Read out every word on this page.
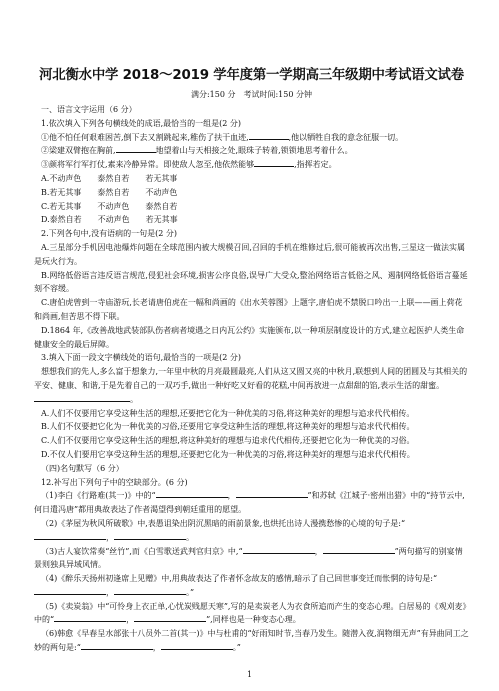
河北衡水中学 2018～2019 学年度第一学期高三年级期中考试语文试卷
满分:150 分　考试时间:150 分钟

一、语言文字运用（6 分）

1.依次填入下列各句横线处的成语,最恰当的一组是(2 分)

①他不怕任何艰难困苦,倒下去又割跳起来,稚伤了扶干血迹,	,他以牺牲自我的意念征服一切。

②梁建双臂抱在胸前,	地望着山与天相接之处,眼珠子转着,锁锁地思考着什么。

③颜将军行军打仗,素来冷静异常。即使敌人忽至,他依然能够	,指挥若定。

A.不动声色　　泰然自若　　若无其事

B.若无其事　　泰然自若　　不动声色

C.若无其事　　不动声色　　泰然自若

D.泰然自若　　不动声色　　若无其事

2.下列各句中,没有语病的一句是(2 分)

A.三星部分手机因电池爆炸问题在全球范围内被大规模召回,召回的手机在维修过后,很可能被再次出售,三星这一做法实属是玩火行为。

B.网络低俗语言违反语言规范,侵犯社会环境,损害公序良俗,误导广大受众,整治网络语言低俗之风、遏制网络低俗语言蔓延刻不容缓。

C.唐伯虎曾到一寺庙游玩,长老请唐伯虎在一幅和尚画的《出水芙蓉图》上题字,唐伯虎不禁脱口吟出一上联——画上荷花和尚画,但苦思不得下联。

D.1864 年,《改善战地武装部队伤者病者境遇之日内瓦公约》实施颁布,以一种项层制度设计的方式,建立起医护人类生命健康安全的最后屏障。

3.填入下面一段文字横线处的语句,最恰当的一项是(2 分)

想想我们的先人,多么富于想象力,一年里中秋的月亮最圆最亮,人们从这又圆又亮的中秋月,联想到人间的团圆及与其相关的平安、健康、和谐,于是先着自己的一双巧手,做出一种好吃又好看的花糕,中间再放进一点甜甜的馅,表示生活的甜蜜。。

A.人们不仅要用它享受这种生活的理想,还要把它化为一种优美的习俗,将这种美好的理想与追求代代相传。

B.人们不仅要把它化为一种优美的习俗,还要用它享受这种生活的理想,将这种美好的理想与追求代代相传。

C.人们不仅要用它享受这种生活的理想,将这种美好的理想与追求代代相传,还要把它化为一种优美的习俗。

D.不仅人们要用它享受这种生活的理想,还要把它化为一种优美的习俗,将这种美好的理想与追求代代相传。

（四)名句默写（6 分）

12.补写出下列句子中的空缺部分。(6 分)

（1)李白《行路难(其一)》中的“	，	”和苏轼《江城子·密州出猎》中的“持节云中,何日遣冯唐”都用典故表达了作者渴望得到朝廷重用的愿望。

（2)《茅屋为秋风所破歌》中,表愚诅染出阴沉黑暗的雨前景象,也烘托出诗人漫携愁惨的心境的句子是:“，	。

（3)古人宴饮常奏“丝竹”,而《白雪歌送武判官归京》中,“	，	”两句描写的别宴情景则独具异域风情。

（4)《醉乐天扬州初逢席上见赠》中,用典故表达了作者怀念故友的感情,暗示了自己回世事变迁而怅惘的诗句是:“，	。”

（5)《卖炭翁》中“可怜身上衣正单,心忧炭贱愿天寒”,写的是卖炭老人为衣食所追而产生的变态心理。白居易的《观刈麦》中的“	，	”,同样也是一种变态心理。

（6)韩愈《早春呈水部张十八员外二首(其一)》中与杜甫的“好雨知时节,当春乃发生。随潜入夜,润物细无声”有异曲同工之妙的两句是:“	，	。”

1
